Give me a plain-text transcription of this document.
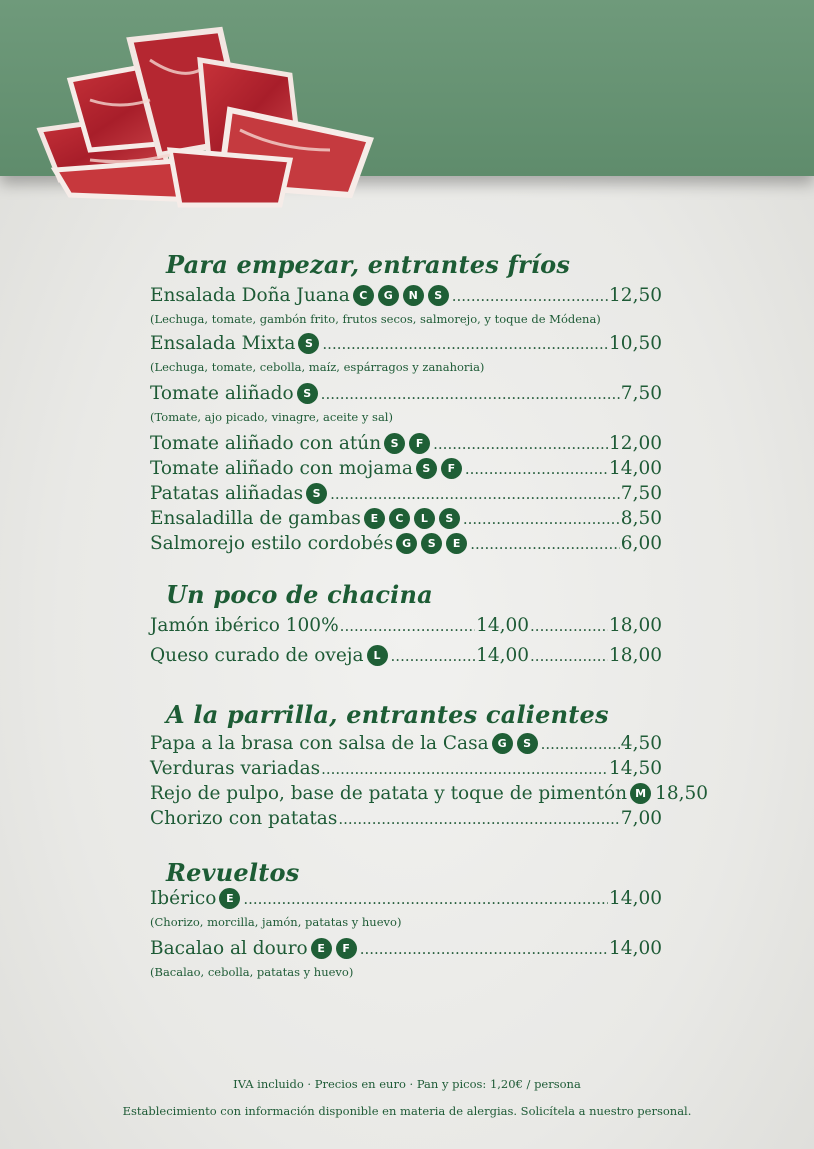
Para empezar, entrantes fríos
Ensalada Doña Juana C	G	N	S .....	12,50
(Lechuga, tomate, gambón frito, frutos secos, salmorejo, y toque de Módena)
Ensalada Mixta S .....	10,50
(Lechuga, tomate, cebolla, maíz, espárragos y zanahoria)
Tomate aliñado S .....	7,50
(Tomate, ajo picado, vinagre, aceite y sal)
Tomate aliñado con atún S	F .....	12,00
Tomate aliñado con mojama S	F .....	14,00
Patatas aliñadas S .....	7,50
Ensaladilla de gambas E	C	L	S .....	8,50
Salmorejo estilo cordobés G	S	E .....	6,00
Un poco de chacina
Jamón ibérico 100% .....	14,00 .....	18,00
Queso curado de oveja L .....	14,00 .....	18,00
A la parrilla, entrantes calientes
Papa a la brasa con salsa de la Casa G	S .....	4,50
Verduras variadas .....	14,50
Rejo de pulpo, base de patata y toque de pimentón M 18,50
Chorizo con patatas .....	7,00
Revueltos
Ibérico E .....	14,00
(Chorizo, morcilla, jamón, patatas y huevo)
Bacalao al douro E	F .....	14,00
(Bacalao, cebolla, patatas y huevo)
IVA incluido · Precios en euro · Pan y picos: 1,20€ / persona
Establecimiento con información disponible en materia de alergias. Solicítela a nuestro personal.
